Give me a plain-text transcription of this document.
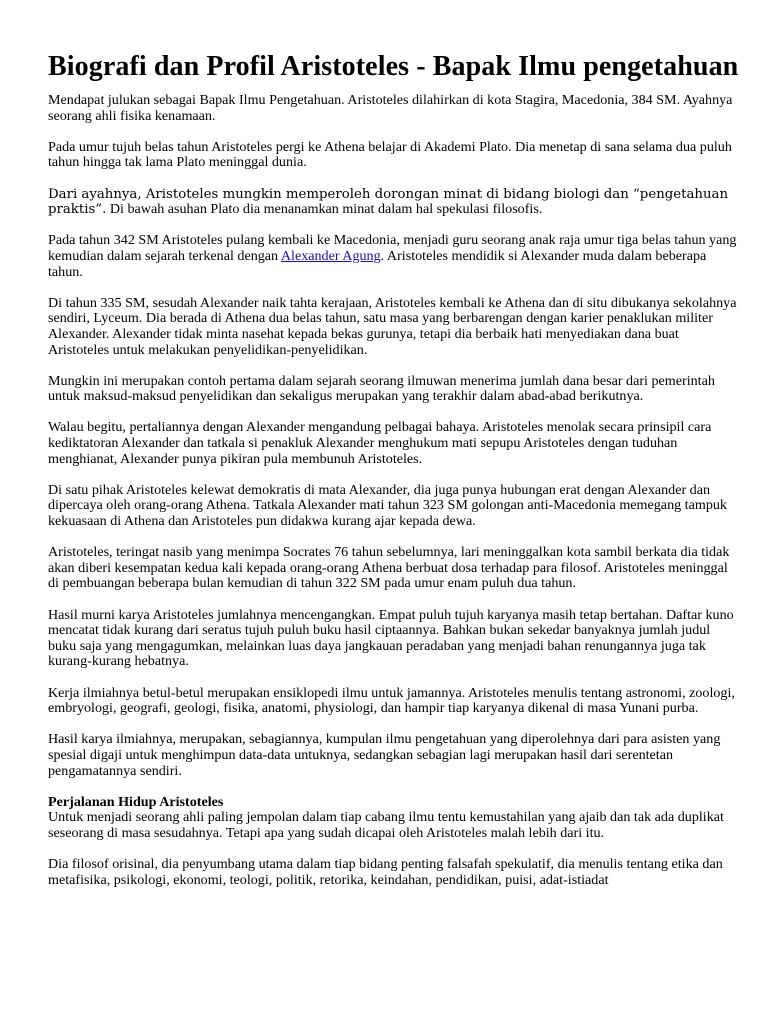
Biografi dan Profil Aristoteles - Bapak Ilmu pengetahuan

Mendapat julukan sebagai Bapak Ilmu Pengetahuan. Aristoteles dilahirkan di kota Stagira, Macedonia, 384 SM. Ayahnya seorang ahli fisika kenamaan.

Pada umur tujuh belas tahun Aristoteles pergi ke Athena belajar di Akademi Plato. Dia menetap di sana selama dua puluh tahun hingga tak lama Plato meninggal dunia.

Dari ayahnya, Aristoteles mungkin memperoleh dorongan minat di bidang biologi dan “pengetahuan praktis”. Di bawah asuhan Plato dia menanamkan minat dalam hal spekulasi filosofis.

Pada tahun 342 SM Aristoteles pulang kembali ke Macedonia, menjadi guru seorang anak raja umur tiga belas tahun yang kemudian dalam sejarah terkenal dengan Alexander Agung. Aristoteles mendidik si Alexander muda dalam beberapa tahun.

Di tahun 335 SM, sesudah Alexander naik tahta kerajaan, Aristoteles kembali ke Athena dan di situ dibukanya sekolahnya sendiri, Lyceum. Dia berada di Athena dua belas tahun, satu masa yang berbarengan dengan karier penaklukan militer Alexander. Alexander tidak minta nasehat kepada bekas gurunya, tetapi dia berbaik hati menyediakan dana buat Aristoteles untuk melakukan penyelidikan-penyelidikan.

Mungkin ini merupakan contoh pertama dalam sejarah seorang ilmuwan menerima jumlah dana besar dari pemerintah untuk maksud-maksud penyelidikan dan sekaligus merupakan yang terakhir dalam abad-abad berikutnya.

Walau begitu, pertaliannya dengan Alexander mengandung pelbagai bahaya. Aristoteles menolak secara prinsipil cara kediktatoran Alexander dan tatkala si penakluk Alexander menghukum mati sepupu Aristoteles dengan tuduhan menghianat, Alexander punya pikiran pula membunuh Aristoteles.

Di satu pihak Aristoteles kelewat demokratis di mata Alexander, dia juga punya hubungan erat dengan Alexander dan dipercaya oleh orang-orang Athena. Tatkala Alexander mati tahun 323 SM golongan anti-Macedonia memegang tampuk kekuasaan di Athena dan Aristoteles pun didakwa kurang ajar kepada dewa.

Aristoteles, teringat nasib yang menimpa Socrates 76 tahun sebelumnya, lari meninggalkan kota sambil berkata dia tidak akan diberi kesempatan kedua kali kepada orang-orang Athena berbuat dosa terhadap para filosof. Aristoteles meninggal di pembuangan beberapa bulan kemudian di tahun 322 SM pada umur enam puluh dua tahun.

Hasil murni karya Aristoteles jumlahnya mencengangkan. Empat puluh tujuh karyanya masih tetap bertahan. Daftar kuno mencatat tidak kurang dari seratus tujuh puluh buku hasil ciptaannya. Bahkan bukan sekedar banyaknya jumlah judul buku saja yang mengagumkan, melainkan luas daya jangkauan peradaban yang menjadi bahan renungannya juga tak kurang-kurang hebatnya.

Kerja ilmiahnya betul-betul merupakan ensiklopedi ilmu untuk jamannya. Aristoteles menulis tentang astronomi, zoologi, embryologi, geografi, geologi, fisika, anatomi, physiologi, dan hampir tiap karyanya dikenal di masa Yunani purba.

Hasil karya ilmiahnya, merupakan, sebagiannya, kumpulan ilmu pengetahuan yang diperolehnya dari para asisten yang spesial digaji untuk menghimpun data-data untuknya, sedangkan sebagian lagi merupakan hasil dari serentetan pengamatannya sendiri.

Perjalanan Hidup Aristoteles
Untuk menjadi seorang ahli paling jempolan dalam tiap cabang ilmu tentu kemustahilan yang ajaib dan tak ada duplikat seseorang di masa sesudahnya. Tetapi apa yang sudah dicapai oleh Aristoteles malah lebih dari itu.

Dia filosof orisinal, dia penyumbang utama dalam tiap bidang penting falsafah spekulatif, dia menulis tentang etika dan metafisika, psikologi, ekonomi, teologi, politik, retorika, keindahan, pendidikan, puisi, adat-istiadat
